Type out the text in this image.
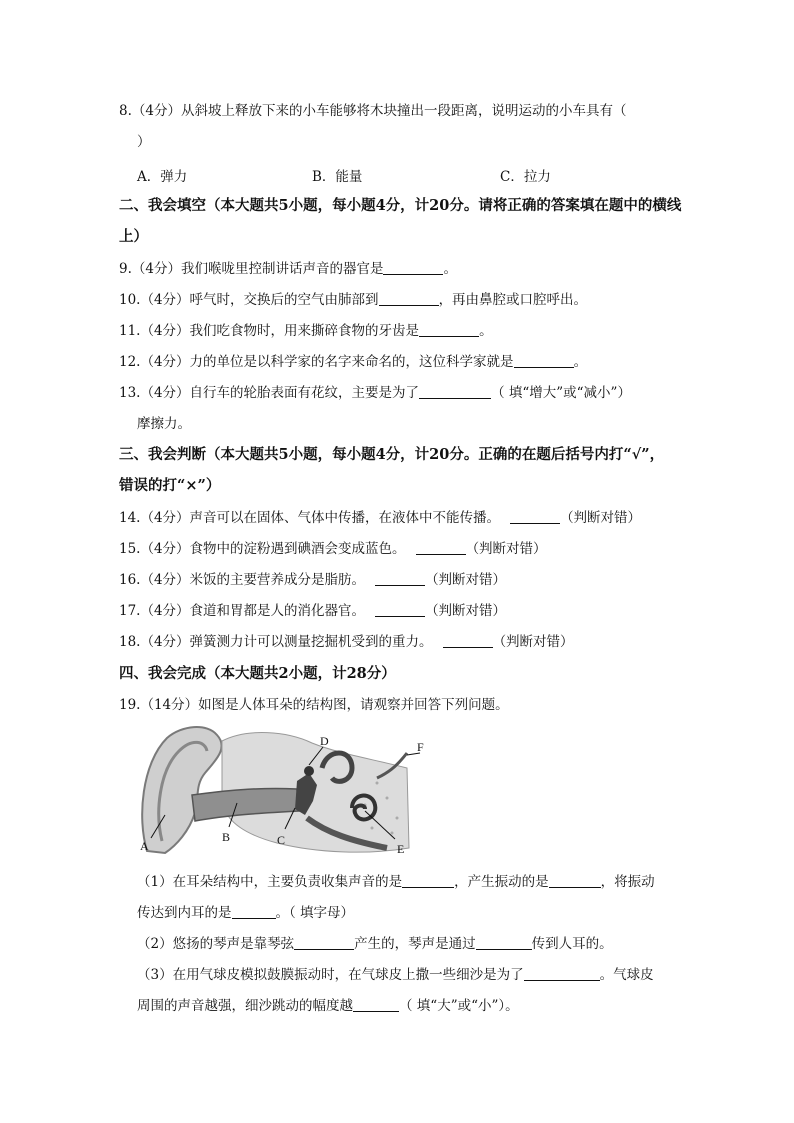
8.（4分）从斜坡上释放下来的小车能够将木块撞出一段距离，说明运动的小车具有（
）
A．弹力	B．能量	C．拉力
二、我会填空（本大题共5小题，每小题4分，计20分。请将正确的答案填在题中的横线
上）
9.（4分）我们喉咙里控制讲话声音的器官是	。
10.（4分）呼气时，交换后的空气由肺部到	，再由鼻腔或口腔呼出。
11.（4分）我们吃食物时，用来撕碎食物的牙齿是	。
12.（4分）力的单位是以科学家的名字来命名的，这位科学家就是	。
13.（4分）自行车的轮胎表面有花纹，主要是为了	（ 填“增大”或“减小”）
摩擦力。
三、我会判断（本大题共5小题，每小题4分，计20分。正确的在题后括号内打“√”，
错误的打“×”）
14.（4分）声音可以在固体、气体中传播，在液体中不能传播。	（判断对错）
15.（4分）食物中的淀粉遇到碘酒会变成蓝色。	（判断对错）
16.（4分）米饭的主要营养成分是脂肪。	（判断对错）
17.（4分）食道和胃都是人的消化器官。	（判断对错）
18.（4分）弹簧测力计可以测量挖掘机受到的重力。	（判断对错）
四、我会完成（本大题共2小题，计28分）
19.（14分）如图是人体耳朵的结构图，请观察并回答下列问题。
A
B	C
D
E
F
（1）在耳朵结构中，主要负责收集声音的是	，产生振动的是	，将振动
传达到内耳的是	。（ 填字母）
（2）悠扬的琴声是靠琴弦	产生的，琴声是通过	传到人耳的。
（3）在用气球皮模拟鼓膜振动时，在气球皮上撒一些细沙是为了	。气球皮
周围的声音越强，细沙跳动的幅度越	（ 填“大”或“小”）。
